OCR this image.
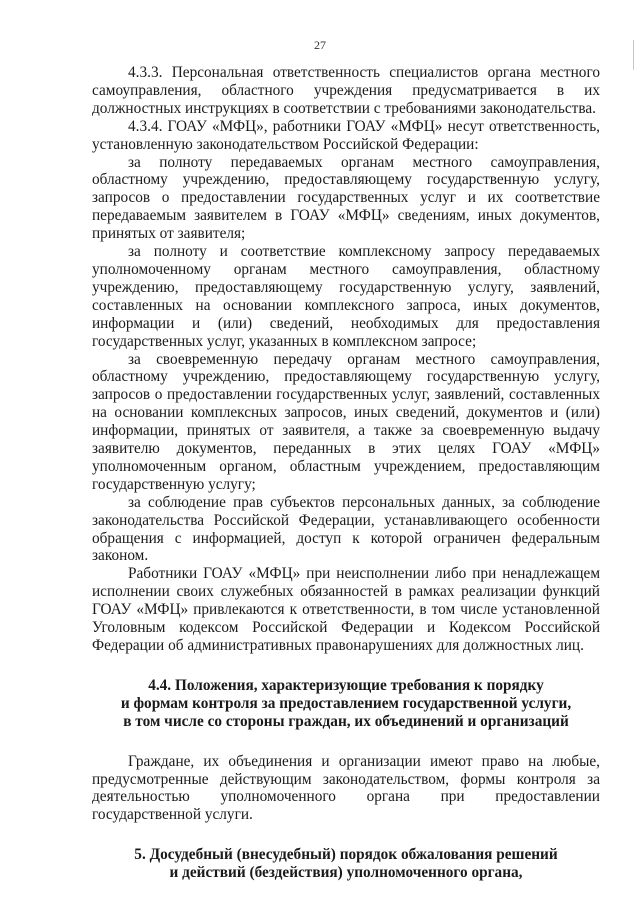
27

4.3.3. Персональная ответственность специалистов органа местного самоуправления, областного учреждения предусматривается в их должностных инструкциях в соответствии с требованиями законодательства.

4.3.4. ГОАУ «МФЦ», работники ГОАУ «МФЦ» несут ответственность, установленную законодательством Российской Федерации:

за полноту передаваемых органам местного самоуправления, областному учреждению, предоставляющему государственную услугу, запросов о предоставлении государственных услуг и их соответствие передаваемым заявителем в ГОАУ «МФЦ» сведениям, иных документов, принятых от заявителя;

за полноту и соответствие комплексному запросу передаваемых уполномоченному органам местного самоуправления, областному учреждению, предоставляющему государственную услугу, заявлений, составленных на основании комплексного запроса, иных документов, информации и (или) сведений, необходимых для предоставления государственных услуг, указанных в комплексном запросе;

за своевременную передачу органам местного самоуправления, областному учреждению, предоставляющему государственную услугу, запросов о предоставлении государственных услуг, заявлений, составленных на основании комплексных запросов, иных сведений, документов и (или) информации, принятых от заявителя, а также за своевременную выдачу заявителю документов, переданных в этих целях ГОАУ «МФЦ» уполномоченным органом, областным учреждением, предоставляющим государственную услугу;

за соблюдение прав субъектов персональных данных, за соблюдение законодательства Российской Федерации, устанавливающего особенности обращения с информацией, доступ к которой ограничен федеральным законом.

Работники ГОАУ «МФЦ» при неисполнении либо при ненадлежащем исполнении своих служебных обязанностей в рамках реализации функций ГОАУ «МФЦ» привлекаются к ответственности, в том числе установленной Уголовным кодексом Российской Федерации и Кодексом Российской Федерации об административных правонарушениях для должностных лиц.

4.4. Положения, характеризующие требования к порядку
и формам контроля за предоставлением государственной услуги,
в том числе со стороны граждан, их объединений и организаций

Граждане, их объединения и организации имеют право на любые, предусмотренные действующим законодательством, формы контроля за деятельностью уполномоченного органа при предоставлении государственной услуги.

5. Досудебный (внесудебный) порядок обжалования решений
и действий (бездействия) уполномоченного органа,
